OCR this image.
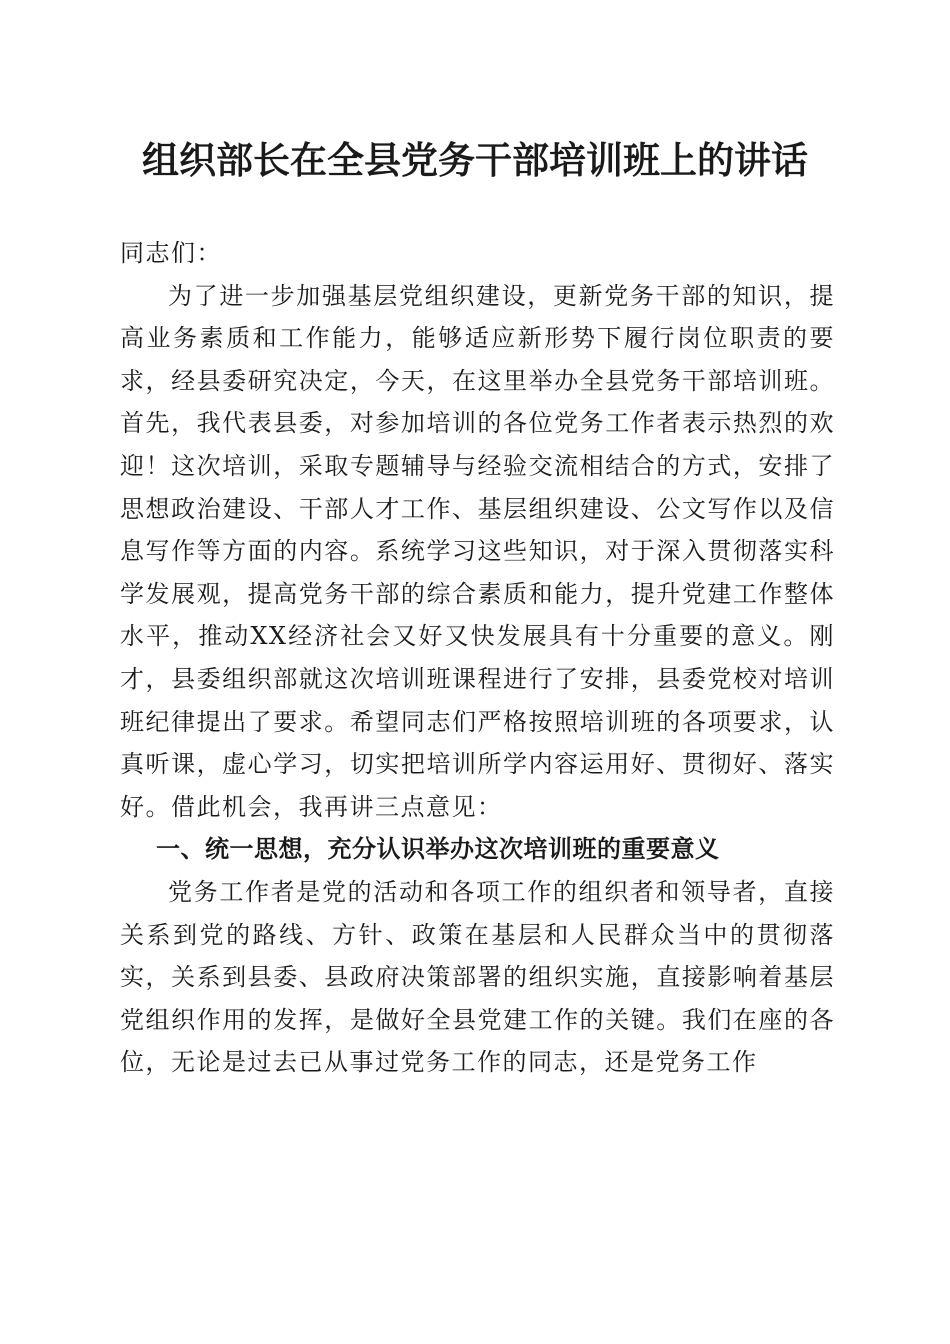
组织部长在全县党务干部培训班上的讲话

同志们：

为了进一步加强基层党组织建设，更新党务干部的知识，提高业务素质和工作能力，能够适应新形势下履行岗位职责的要求，经县委研究决定，今天，在这里举办全县党务干部培训班。首先，我代表县委，对参加培训的各位党务工作者表示热烈的欢迎！这次培训，采取专题辅导与经验交流相结合的方式，安排了思想政治建设、干部人才工作、基层组织建设、公文写作以及信息写作等方面的内容。系统学习这些知识，对于深入贯彻落实科学发展观，提高党务干部的综合素质和能力，提升党建工作整体水平，推动XX经济社会又好又快发展具有十分重要的意义。刚才，县委组织部就这次培训班课程进行了安排，县委党校对培训班纪律提出了要求。希望同志们严格按照培训班的各项要求，认真听课，虚心学习，切实把培训所学内容运用好、贯彻好、落实好。借此机会，我再讲三点意见：

一、统一思想，充分认识举办这次培训班的重要意义

党务工作者是党的活动和各项工作的组织者和领导者，直接关系到党的路线、方针、政策在基层和人民群众当中的贯彻落实，关系到县委、县政府决策部署的组织实施，直接影响着基层党组织作用的发挥，是做好全县党建工作的关键。我们在座的各位，无论是过去已从事过党务工作的同志，还是党务工作
